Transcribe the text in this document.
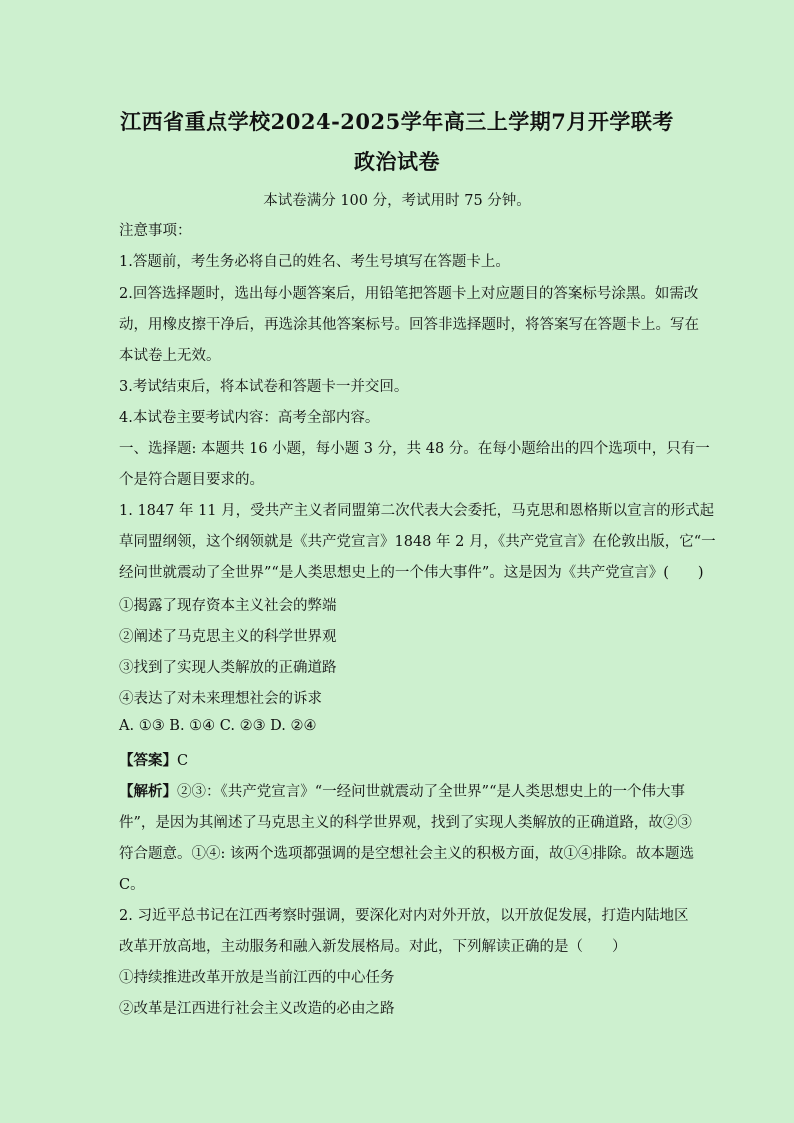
江西省重点学校2024-2025学年高三上学期7月开学联考
政治试卷
本试卷满分 100 分，考试用时 75 分钟。
注意事项：
1.答题前，考生务必将自己的姓名、考生号填写在答题卡上。
2.回答选择题时，选出每小题答案后，用铅笔把答题卡上对应题目的答案标号涂黑。如需改
动，用橡皮擦干净后，再选涂其他答案标号。回答非选择题时，将答案写在答题卡上。写在
本试卷上无效。
3.考试结束后，将本试卷和答题卡一并交回。
4.本试卷主要考试内容：高考全部内容。
一、选择题: 本题共 16 小题，每小题 3 分，共 48 分。在每小题给出的四个选项中，只有一
个是符合题目要求的。
1. 1847 年 11 月，受共产主义者同盟第二次代表大会委托，马克思和恩格斯以宣言的形式起
草同盟纲领，这个纲领就是《共产党宣言》1848 年 2 月，《共产党宣言》在伦敦出版，它“一
经问世就震动了全世界”“是人类思想史上的一个伟大事件”。这是因为《共产党宣言》(　　)
①揭露了现存资本主义社会的弊端
②阐述了马克思主义的科学世界观
③找到了实现人类解放的正确道路
④表达了对未来理想社会的诉求
A. ①③ B. ①④ C. ②③ D. ②④
【答案】C
【解析】②③：《共产党宣言》“一经问世就震动了全世界”“是人类思想史上的一个伟大事
件”，是因为其阐述了马克思主义的科学世界观，找到了实现人类解放的正确道路，故②③
符合题意。①④: 该两个选项都强调的是空想社会主义的积极方面，故①④排除。故本题选
C。
2. 习近平总书记在江西考察时强调，要深化对内对外开放，以开放促发展，打造内陆地区
改革开放高地，主动服务和融入新发展格局。对此，下列解读正确的是（　　）
①持续推进改革开放是当前江西的中心任务
②改革是江西进行社会主义改造的必由之路
